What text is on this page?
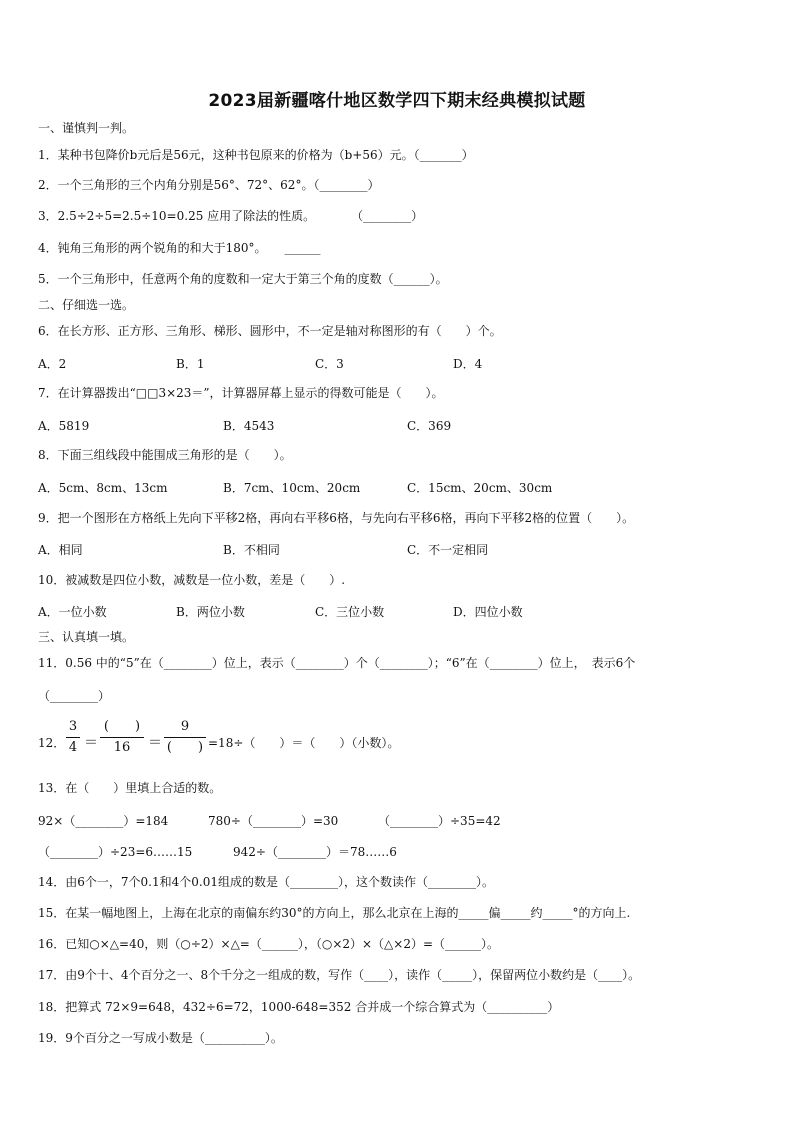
2023届新疆喀什地区数学四下期末经典模拟试题
一、谨慎判一判。
1．某种书包降价b元后是56元，这种书包原来的价格为（b+56）元。（_______）
2．一个三角形的三个内角分别是56°、72°、62°。（________）
3．2.5÷2÷5=2.5÷10=0.25 应用了除法的性质。　　　　（________）
4．钝角三角形的两个锐角的和大于180°。　　______
5．一个三角形中，任意两个角的度数和一定大于第三个角的度数（______）。
二、仔细选一选。
6．在长方形、正方形、三角形、梯形、圆形中，不一定是轴对称图形的有（　　）个。
A．2	B．1	C．3	D．4
7．在计算器拨出“□□3×23＝”，计算器屏幕上显示的得数可能是（　　）。
A．5819	B．4543	C．369
8．下面三组线段中能围成三角形的是（　　）。
A．5cm、8cm、13cm	B．7cm、10cm、20cm	C．15cm、20cm、30cm
9．把一个图形在方格纸上先向下平移2格，再向右平移6格，与先向右平移6格，再向下平移2格的位置（　　）。
A．相同	B．不相同	C．不一定相同
10．被减数是四位小数，减数是一位小数，差是（　　）.
A．一位小数	B．两位小数	C．三位小数	D．四位小数
三、认真填一填。
11．0.56 中的“5”在（________）位上，表示（________）个（________）；“6”在（________）位上，　表示6个
（________）
12．
3
4 ＝
(　　)
16	＝
9
(　　) =18÷（　　）＝（　　）（小数）。
13．在（　　）里填上合适的数。
92×（________）=184	780÷（________）=30	（________）÷35=42
（________）÷23=6……15	942÷（________）＝78……6
14．由6个一，7个0.1和4个0.01组成的数是（________），这个数读作（________）。
15．在某一幅地图上，上海在北京的南偏东约30°的方向上，那么北京在上海的_____偏_____约_____°的方向上.
16．已知○×△=40，则（○÷2）×△=（______），（○×2）×（△×2）=（______）。
17．由9个十、4个百分之一、8个千分之一组成的数，写作（____），读作（_____），保留两位小数约是（____）。
18．把算式 72×9=648，432÷6=72，1000-648=352 合并成一个综合算式为（__________）
19．9个百分之一写成小数是（__________）。
